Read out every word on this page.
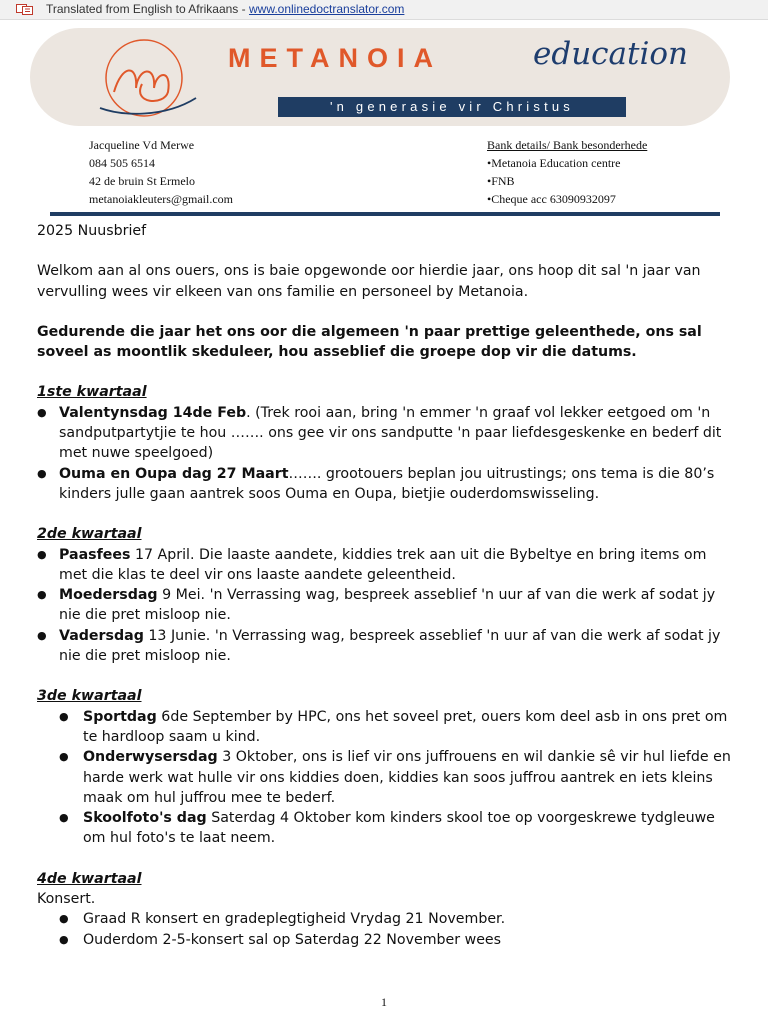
Translated from English to Afrikaans - www.onlinedoctranslator.com
METANOIA	education
'n generasie vir Christus
Jacqueline Vd Merwe
084 505 6514
42 de bruin St Ermelo
metanoiakleuters@gmail.com
Bank details/ Bank besonderhede
•Metanoia Education centre
•FNB
•Cheque acc 63090932097

2025 Nuusbrief

Welkom aan al ons ouers, ons is baie opgewonde oor hierdie jaar, ons hoop dit sal 'n jaar van vervulling wees vir elkeen van ons familie en personeel by Metanoia.

Gedurende die jaar het ons oor die algemeen 'n paar prettige geleenthede, ons sal soveel as moontlik skeduleer, hou asseblief die groepe dop vir die datums.

1ste kwartaal

● Valentynsdag 14de Feb. (Trek rooi aan, bring 'n emmer 'n graaf vol lekker eetgoed om 'n sandputpartytjie te hou ……. ons gee vir ons sandputte 'n paar liefdesgeskenke en bederf dit met nuwe speelgoed)
● Ouma en Oupa dag 27 Maart……. grootouers beplan jou uitrustings; ons tema is die 80’s kinders julle gaan aantrek soos Ouma en Oupa, bietjie ouderdomswisseling.

2de kwartaal

● Paasfees 17 April. Die laaste aandete, kiddies trek aan uit die Bybeltye en bring items om met die klas te deel vir ons laaste aandete geleentheid.
● Moedersdag 9 Mei. 'n Verrassing wag, bespreek asseblief 'n uur af van die werk af sodat jy nie die pret misloop nie.
● Vadersdag 13 Junie. 'n Verrassing wag, bespreek asseblief 'n uur af van die werk af sodat jy nie die pret misloop nie.

3de kwartaal

● Sportdag 6de September by HPC, ons het soveel pret, ouers kom deel asb in ons pret om te hardloop saam u kind.
● Onderwysersdag 3 Oktober, ons is lief vir ons juffrouens en wil dankie sê vir hul liefde en harde werk wat hulle vir ons kiddies doen, kiddies kan soos juffrou aantrek en iets kleins maak om hul juffrou mee te bederf.
● Skoolfoto's dag Saterdag 4 Oktober kom kinders skool toe op voorgeskrewe tydgleuwe om hul foto's te laat neem.

4de kwartaal

Konsert.

● Graad R konsert en gradeplegtigheid Vrydag 21 November.
● Ouderdom 2-5-konsert sal op Saterdag 22 November wees
1
